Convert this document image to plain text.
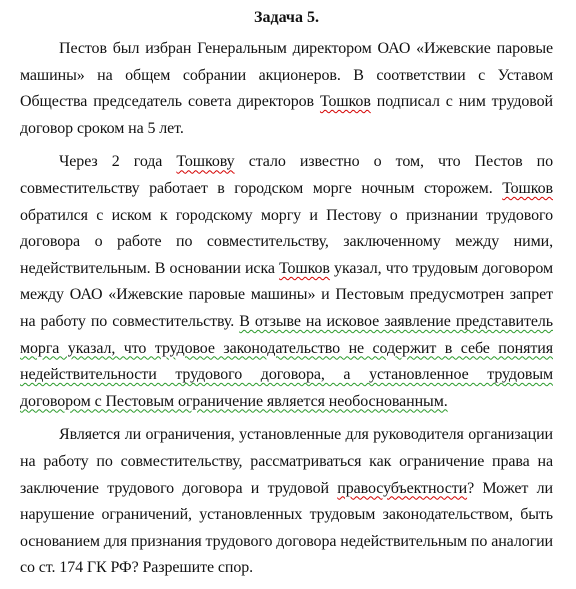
Задача 5.

Пестов был избран Генеральным директором ОАО «Ижевские паровые машины» на общем собрании акционеров. В соответствии с Уставом Общества председатель совета директоров Тошков подписал с ним трудовой договор сроком на 5 лет.

Через 2 года Тошкову стало известно о том, что Пестов по совместительству работает в городском морге ночным сторожем. Тошков обратился с иском к городскому моргу и Пестову о признании трудового договора о работе по совместительству, заключенному между ними, недействительным. В основании иска Тошков указал, что трудовым договором между ОАО «Ижевские паровые машины» и Пестовым предусмотрен запрет на работу по совместительству. В отзыве на исковое заявление представитель морга указал, что трудовое законодательство не содержит в себе понятия недействительности трудового договора, а установленное трудовым договором с Пестовым ограничение является необоснованным.

Является ли ограничения, установленные для руководителя организации на работу по совместительству, рассматриваться как ограничение права на заключение трудового договора и трудовой правосубъектности? Может ли нарушение ограничений, установленных трудовым законодательством, быть основанием для признания трудового договора недействительным по аналогии со ст. 174 ГК РФ? Разрешите спор.
